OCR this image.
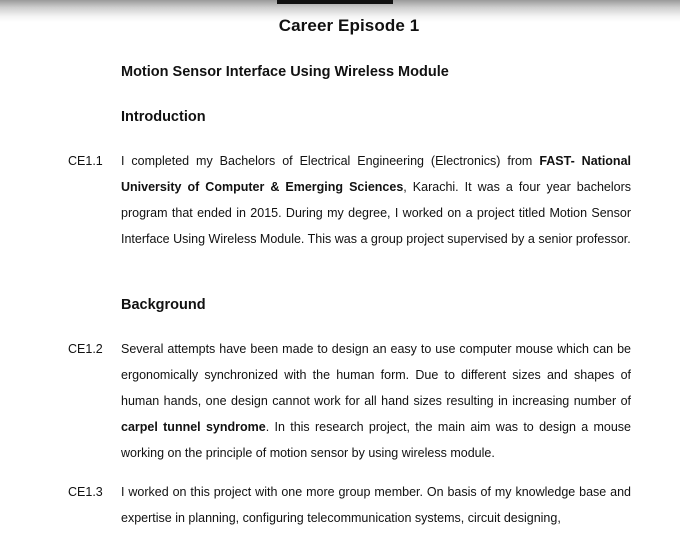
Career Episode 1
Motion Sensor Interface Using Wireless Module
Introduction
CE1.1 I completed my Bachelors of Electrical Engineering (Electronics) from FAST- National University of Computer & Emerging Sciences, Karachi. It was a four year bachelors program that ended in 2015. During my degree, I worked on a project titled Motion Sensor Interface Using Wireless Module. This was a group project supervised by a senior professor.
Background
CE1.2 Several attempts have been made to design an easy to use computer mouse which can be ergonomically synchronized with the human form. Due to different sizes and shapes of human hands, one design cannot work for all hand sizes resulting in increasing number of carpel tunnel syndrome. In this research project, the main aim was to design a mouse working on the principle of motion sensor by using wireless module.
CE1.3 I worked on this project with one more group member. On basis of my knowledge base and expertise in planning, configuring telecommunication systems, circuit designing,
